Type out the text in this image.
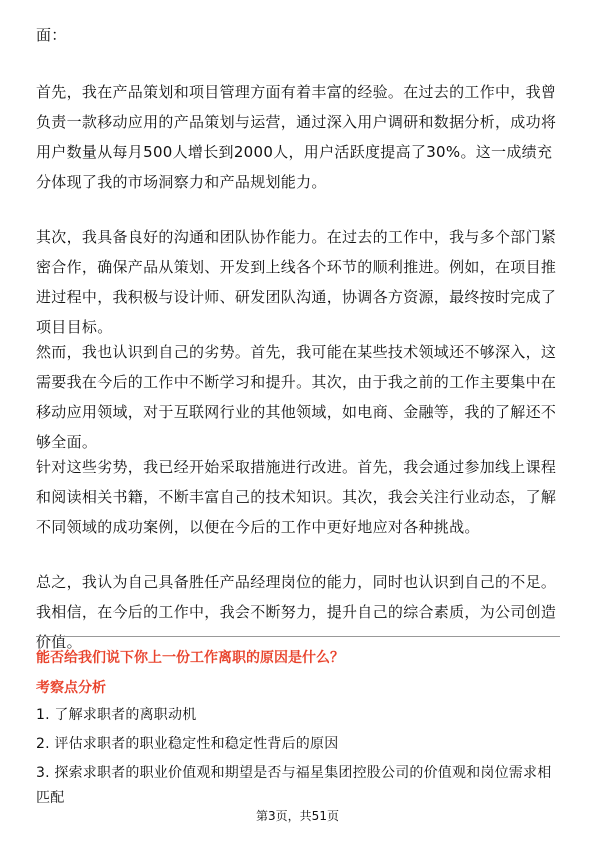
面：

首先，我在产品策划和项目管理方面有着丰富的经验。在过去的工作中，我曾负责一款移动应用的产品策划与运营，通过深入用户调研和数据分析，成功将用户数量从每月500人增长到2000人，用户活跃度提高了30%。这一成绩充分体现了我的市场洞察力和产品规划能力。

其次，我具备良好的沟通和团队协作能力。在过去的工作中，我与多个部门紧密合作，确保产品从策划、开发到上线各个环节的顺利推进。例如，在项目推进过程中，我积极与设计师、研发团队沟通，协调各方资源，最终按时完成了项目目标。

然而，我也认识到自己的劣势。首先，我可能在某些技术领域还不够深入，这需要我在今后的工作中不断学习和提升。其次，由于我之前的工作主要集中在移动应用领域，对于互联网行业的其他领域，如电商、金融等，我的了解还不够全面。

针对这些劣势，我已经开始采取措施进行改进。首先，我会通过参加线上课程和阅读相关书籍，不断丰富自己的技术知识。其次，我会关注行业动态，了解不同领域的成功案例，以便在今后的工作中更好地应对各种挑战。

总之，我认为自己具备胜任产品经理岗位的能力，同时也认识到自己的不足。我相信，在今后的工作中，我会不断努力，提升自己的综合素质，为公司创造价值。

能否给我们说下你上一份工作离职的原因是什么？

考察点分析

1. 了解求职者的离职动机

2. 评估求职者的职业稳定性和稳定性背后的原因

3. 探索求职者的职业价值观和期望是否与福星集团控股公司的价值观和岗位需求相匹配

第3页，共51页
